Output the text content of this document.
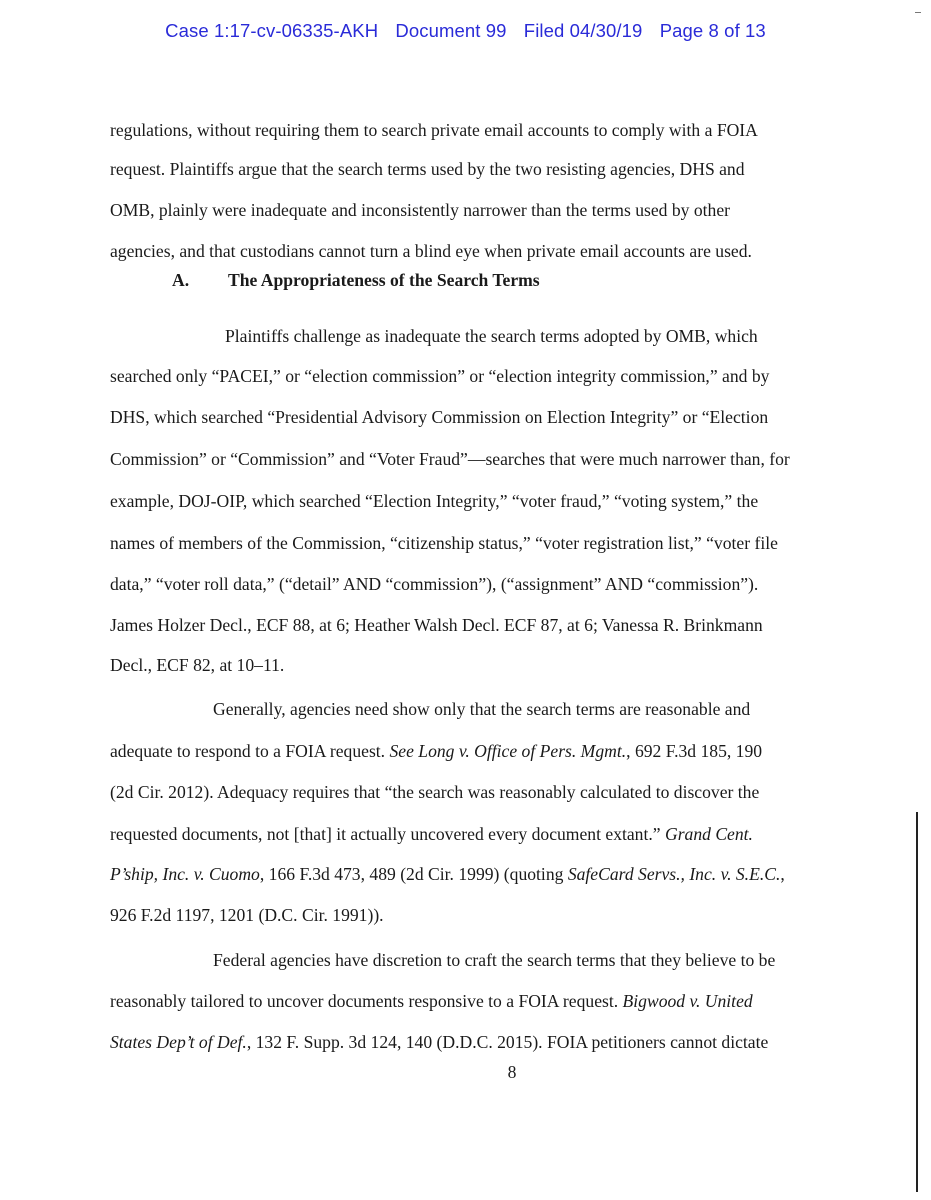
Case 1:17-cv-06335-AKH Document 99 Filed 04/30/19 Page 8 of 13
regulations, without requiring them to search private email accounts to comply with a FOIA
request. Plaintiffs argue that the search terms used by the two resisting agencies, DHS and
OMB, plainly were inadequate and inconsistently narrower than the terms used by other
agencies, and that custodians cannot turn a blind eye when private email accounts are used.
A. The Appropriateness of the Search Terms
Plaintiffs challenge as inadequate the search terms adopted by OMB, which
searched only “PACEI,” or “election commission” or “election integrity commission,” and by
DHS, which searched “Presidential Advisory Commission on Election Integrity” or “Election
Commission” or “Commission” and “Voter Fraud”—searches that were much narrower than, for
example, DOJ-OIP, which searched “Election Integrity,” “voter fraud,” “voting system,” the
names of members of the Commission, “citizenship status,” “voter registration list,” “voter file
data,” “voter roll data,” (“detail” AND “commission”), (“assignment” AND “commission”).
James Holzer Decl., ECF 88, at 6; Heather Walsh Decl. ECF 87, at 6; Vanessa R. Brinkmann
Decl., ECF 82, at 10–11.
Generally, agencies need show only that the search terms are reasonable and
adequate to respond to a FOIA request. See Long v. Office of Pers. Mgmt., 692 F.3d 185, 190
(2d Cir. 2012). Adequacy requires that “the search was reasonably calculated to discover the
requested documents, not [that] it actually uncovered every document extant.” Grand Cent.
P’ship, Inc. v. Cuomo, 166 F.3d 473, 489 (2d Cir. 1999) (quoting SafeCard Servs., Inc. v. S.E.C.,
926 F.2d 1197, 1201 (D.C. Cir. 1991)).
Federal agencies have discretion to craft the search terms that they believe to be
reasonably tailored to uncover documents responsive to a FOIA request. Bigwood v. United
States Dep’t of Def., 132 F. Supp. 3d 124, 140 (D.D.C. 2015). FOIA petitioners cannot dictate
8
